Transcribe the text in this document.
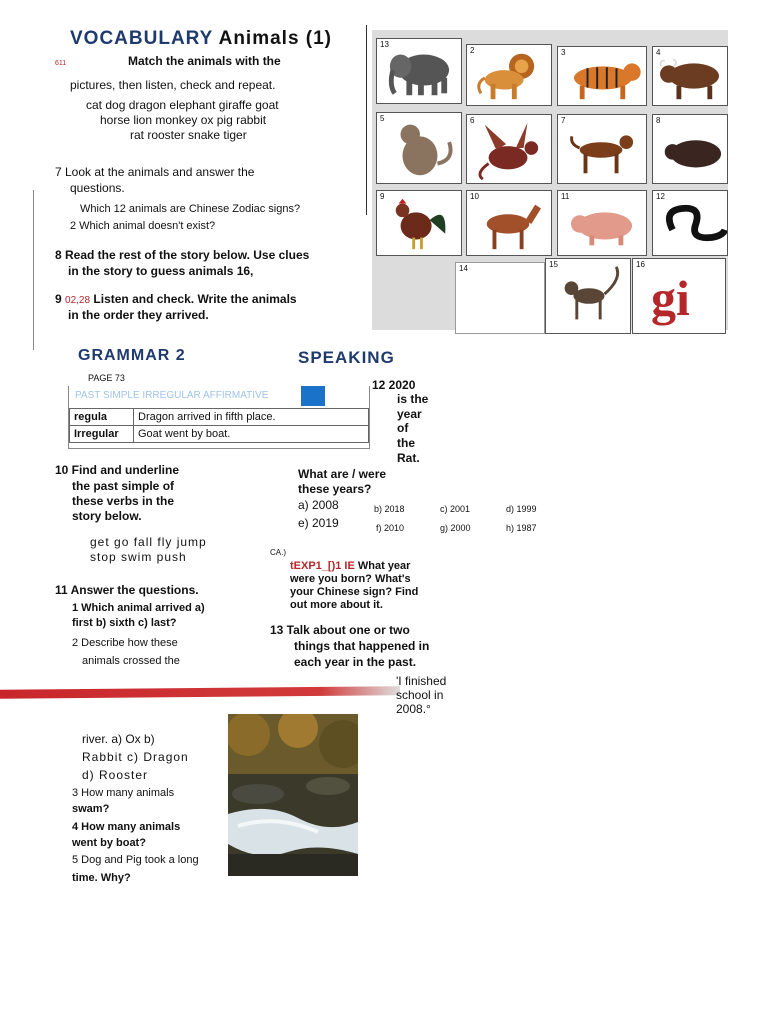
VOCABULARY Animals (1)
611	Match the animals with the
pictures, then listen, check and repeat.
cat dog dragon elephant giraffe goat
horse lion monkey ox pig rabbit
rat rooster snake tiger
7 Look at the animals and answer the
questions.
Which 12 animals are Chinese Zodiac signs?
2 Which animal doesn't exist?
8 Read the rest of the story below. Use clues
in the story to guess animals 16,
9 02,28 Listen and check. Write the animals
in the order they arrived.
13
2	3	4
5	6	7	8
9	10	11	12
14	15	16
gi
GRAMMAR 2
PAGE 73
PAST SIMPLE IRREGULAR AFFIRMATIVE
regula	Dragon arrived in fifth place.
Irregular	Goat went by boat.
10 Find and underline
the past simple of
these verbs in the
story below.
get go fall fly jump
stop swim push
11 Answer the questions.
1 Which animal arrived a)
first b) sixth c) last?
2 Describe how these
animals crossed the
river. a) Ox b)
Rabbit c) Dragon
d) Rooster
3 How many animals
swam?
4 How many animals
went by boat?
5 Dog and Pig took a long
time. Why?
SPEAKING
12 2020
is the
year
of
the
Rat.
What are / were
these years?
a) 2008
e) 2019
b) 2018	c) 2001	d) 1999
f) 2010	g) 2000	h) 1987
CA.)
tEXP1_[)1 IE What year
were you born? What's
your Chinese sign? Find
out more about it.
13 Talk about one or two
things that happened in
each year in the past.
'I finished
school in
2008.°
